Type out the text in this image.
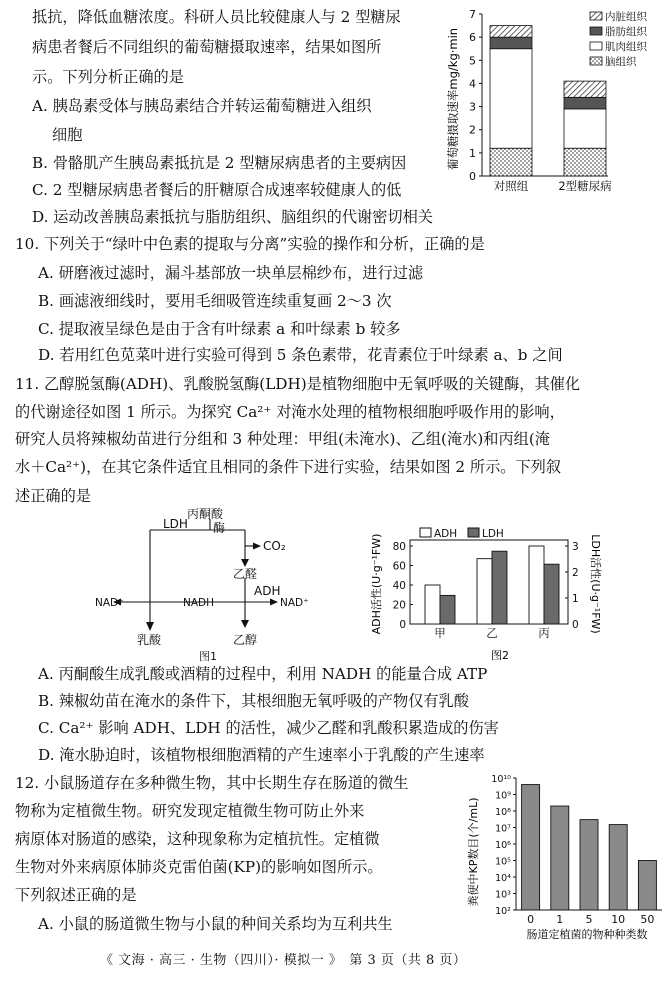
抵抗，降低血糖浓度。科研人员比较健康人与 2 型糖尿
病患者餐后不同组织的葡萄糖摄取速率，结果如图所
示。下列分析正确的是
A. 胰岛素受体与胰岛素结合并转运葡萄糖进入组织
细胞
B. 骨骼肌产生胰岛素抵抗是 2 型糖尿病患者的主要病因
C. 2 型糖尿病患者餐后的肝糖原合成速率较健康人的低
D. 运动改善胰岛素抵抗与脂肪组织、脑组织的代谢密切相关
0
1
2
3
4
5
6
7
对照组	2型糖尿病
内脏组织
脂肪组织
肌肉组织
脑组织
葡萄糖摄取速率mg/kg·min
10. 下列关于“绿叶中色素的提取与分离”实验的操作和分析，正确的是
A. 研磨液过滤时，漏斗基部放一块单层棉纱布，进行过滤
B. 画滤液细线时，要用毛细吸管连续重复画 2～3 次
C. 提取液呈绿色是由于含有叶绿素 a 和叶绿素 b 较多
D. 若用红色苋菜叶进行实验可得到 5 条色素带，花青素位于叶绿素 a、b 之间
11. 乙醇脱氢酶(ADH)、乳酸脱氢酶(LDH)是植物细胞中无氧呼吸的关键酶，其催化
的代谢途径如图 1 所示。为探究 Ca²⁺ 对淹水处理的植物根细胞呼吸作用的影响，
研究人员将辣椒幼苗进行分组和 3 种处理：甲组(未淹水)、乙组(淹水)和丙组(淹
水＋Ca²⁺)，在其它条件适宜且相同的条件下进行实验，结果如图 2 所示。下列叙
述正确的是
丙酮酸
酶
LDH
CO₂
乙醛
ADH
NAD⁺	NADH	NAD⁺
乳酸	乙醇
图1
0
20
40
60
80
0
1
2
3
甲	乙	丙
ADH LDH
ADH活性(U·g⁻¹FW)	LDH活性(U·g⁻¹FW)
图2
A. 丙酮酸生成乳酸或酒精的过程中，利用 NADH 的能量合成 ATP
B. 辣椒幼苗在淹水的条件下，其根细胞无氧呼吸的产物仅有乳酸
C. Ca²⁺ 影响 ADH、LDH 的活性，减少乙醛和乳酸积累造成的伤害
D. 淹水胁迫时，该植物根细胞酒精的产生速率小于乳酸的产生速率
12. 小鼠肠道存在多种微生物，其中长期生存在肠道的微生
物称为定植微生物。研究发现定植微生物可防止外来
病原体对肠道的感染，这种现象称为定植抗性。定植微
生物对外来病原体肺炎克雷伯菌(KP)的影响如图所示。
下列叙述正确的是
A. 小鼠的肠道微生物与小鼠的种间关系均为互利共生
10²
10³
10⁴
10⁵
10⁶
10⁷
10⁸
10⁹
10¹⁰
0 1 5 10 50
粪便中KP数目(个/mL)
肠道定植菌的物种种类数
《 文海 · 高三 · 生物（四川）· 模拟一 》　第 3 页（共 8 页）
